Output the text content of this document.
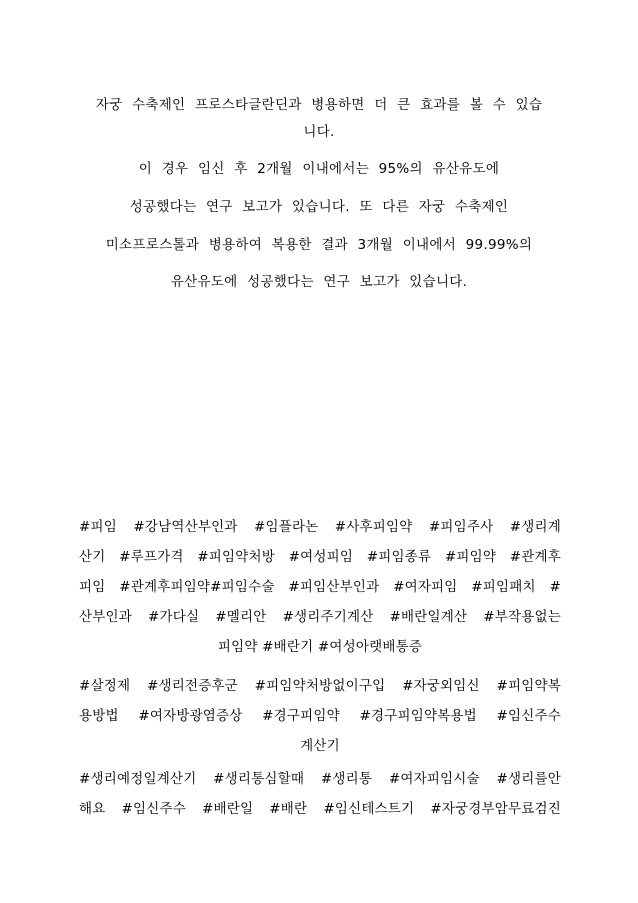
자궁 수축제인 프로스타글란딘과 병용하면 더 큰 효과를 볼 수 있습
니다.
이 경우 임신 후 2개월 이내에서는 95%의 유산유도에
성공했다는 연구 보고가 있습니다. 또 다른 자궁 수축제인
미소프로스톨과 병용하여 복용한 결과 3개월 이내에서 99.99%의
유산유도에 성공했다는 연구 보고가 있습니다.
#피임 #강남역산부인과 #임플라논 #사후피임약 #피임주사 #생리계
산기 #루프가격 #피임약처방 #여성피임 #피임종류 #피임약 #관계후
피임 #관계후피임약#피임수술 #피임산부인과 #여자피임 #피임패치 #
산부인과 #가다실 #멜리안 #생리주기계산 #배란일계산 #부작용없는
피임약 #배란기 #여성아랫배통증
#살정제 #생리전증후군 #피임약처방없이구입 #자궁외임신 #피임약복
용방법 #여자방광염증상 #경구피임약 #경구피임약복용법 #임신주수
계산기
#생리예정일계산기 #생리통심할때 #생리통 #여자피임시술 #생리를안
해요 #임신주수 #배란일 #배란 #임신테스트기 #자궁경부암무료검진
